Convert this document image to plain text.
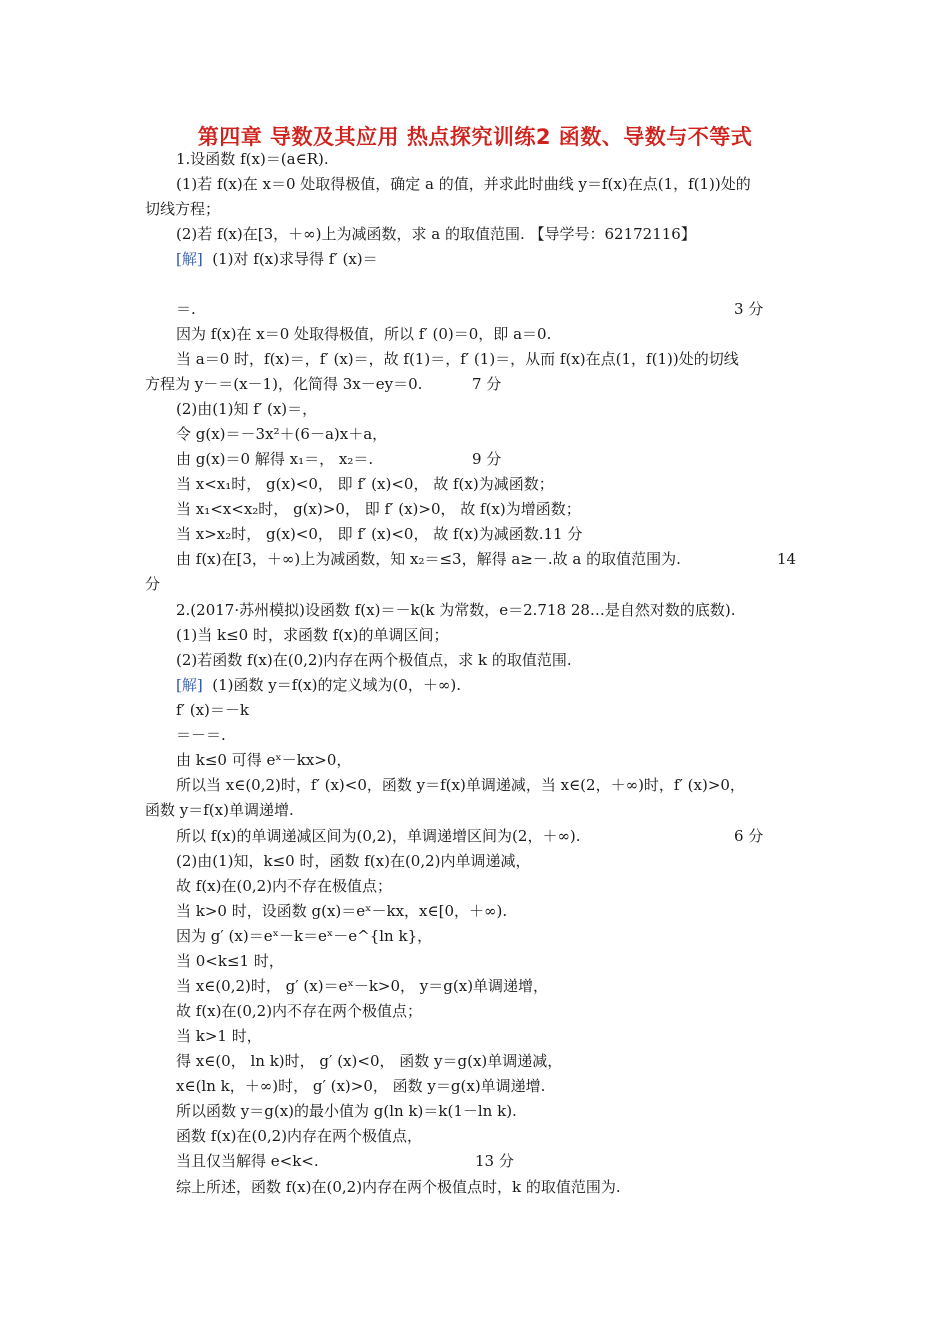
第四章 导数及其应用 热点探究训练2 函数、导数与不等式
1.设函数 f(x)＝(a∈R).
(1)若 f(x)在 x＝0 处取得极值，确定 a 的值，并求此时曲线 y＝f(x)在点(1，f(1))处的
切线方程；
(2)若 f(x)在[3，＋∞)上为减函数，求 a 的取值范围. 【导学号：62172116】
[解] (1)对 f(x)求导得 f′ (x)＝
＝.	3 分
因为 f(x)在 x＝0 处取得极值，所以 f′ (0)＝0，即 a＝0.
当 a＝0 时，f(x)＝，f′ (x)＝，故 f(1)＝，f′ (1)＝，从而 f(x)在点(1，f(1))处的切线
方程为 y－＝(x－1)，化简得 3x－ey＝0.	7 分
(2)由(1)知 f′ (x)＝，
令 g(x)＝－3x²＋(6－a)x＋a，
由 g(x)＝0 解得 x₁＝， x₂＝.	9 分
当 x<x₁时， g(x)<0， 即 f′ (x)<0， 故 f(x)为减函数；
当 x₁<x<x₂时， g(x)>0， 即 f′ (x)>0， 故 f(x)为增函数；
当 x>x₂时， g(x)<0， 即 f′ (x)<0， 故 f(x)为减函数.11 分
由 f(x)在[3，＋∞)上为减函数，知 x₂＝≤3，解得 a≥－.故 a 的取值范围为.	14
分
2.(2017·苏州模拟)设函数 f(x)＝－k(k 为常数，e＝2.718 28…是自然对数的底数).
(1)当 k≤0 时，求函数 f(x)的单调区间；
(2)若函数 f(x)在(0,2)内存在两个极值点，求 k 的取值范围.
[解] (1)函数 y＝f(x)的定义域为(0，＋∞).
f′ (x)＝－k
＝－＝.
由 k≤0 可得 eˣ－kx>0，
所以当 x∈(0,2)时，f′ (x)<0，函数 y＝f(x)单调递减，当 x∈(2，＋∞)时，f′ (x)>0，
函数 y＝f(x)单调递增.
所以 f(x)的单调递减区间为(0,2)，单调递增区间为(2，＋∞).	6 分
(2)由(1)知，k≤0 时，函数 f(x)在(0,2)内单调递减，
故 f(x)在(0,2)内不存在极值点；
当 k>0 时，设函数 g(x)＝eˣ－kx，x∈[0，＋∞).
因为 g′ (x)＝eˣ－k＝eˣ－e^{ln k}，
当 0<k≤1 时，
当 x∈(0,2)时， g′ (x)＝eˣ－k>0， y＝g(x)单调递增，
故 f(x)在(0,2)内不存在两个极值点；
当 k>1 时，
得 x∈(0， ln k)时， g′ (x)<0， 函数 y＝g(x)单调递减，
x∈(ln k，＋∞)时， g′ (x)>0， 函数 y＝g(x)单调递增.
所以函数 y＝g(x)的最小值为 g(ln k)＝k(1－ln k).
函数 f(x)在(0,2)内存在两个极值点，
当且仅当解得 e<k<.	13 分
综上所述，函数 f(x)在(0,2)内存在两个极值点时，k 的取值范围为.
